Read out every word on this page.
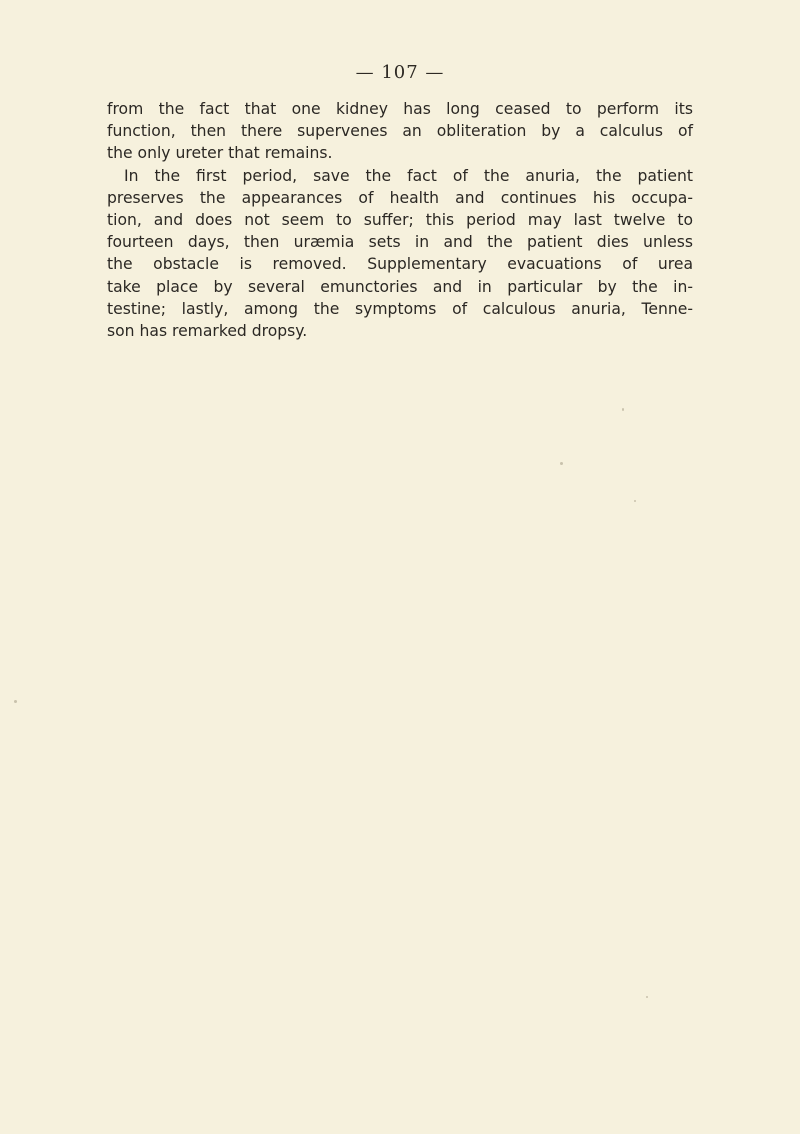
— 107 —
from the fact that one kidney has long ceased to perform its
function, then there supervenes an obliteration by a calculus of
the only ureter that remains.
In the first period, save the fact of the anuria, the patient
preserves the appearances of health and continues his occupa-
tion, and does not seem to suffer; this period may last twelve to
fourteen days, then uræmia sets in and the patient dies unless
the obstacle is removed. Supplementary evacuations of urea
take place by several emunctories and in particular by the in-
testine; lastly, among the symptoms of calculous anuria, Tenne-
son has remarked dropsy.
